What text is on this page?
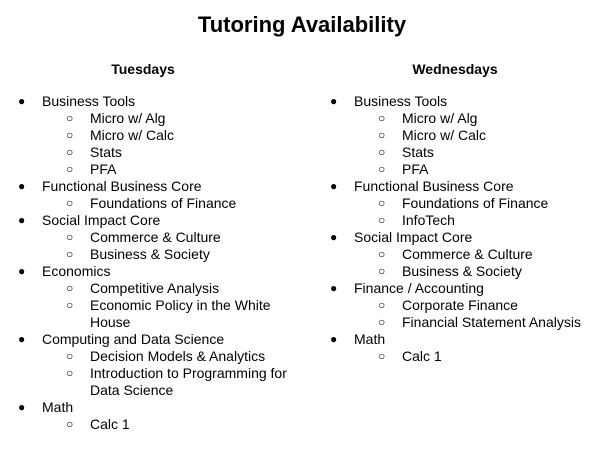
Tutoring Availability
Tuesdays
● Business Tools
○ Micro w/ Alg
○ Micro w/ Calc
○ Stats
○ PFA
● Functional Business Core
○ Foundations of Finance
● Social Impact Core
○ Commerce & Culture
○ Business & Society
● Economics
○ Competitive Analysis
○ Economic Policy in the White House
● Computing and Data Science
○ Decision Models & Analytics
○ Introduction to Programming for Data Science
● Math
○ Calc 1
Wednesdays
● Business Tools
○ Micro w/ Alg
○ Micro w/ Calc
○ Stats
○ PFA
● Functional Business Core
○ Foundations of Finance
○ InfoTech
● Social Impact Core
○ Commerce & Culture
○ Business & Society
● Finance / Accounting
○ Corporate Finance
○ Financial Statement Analysis
● Math
○ Calc 1
